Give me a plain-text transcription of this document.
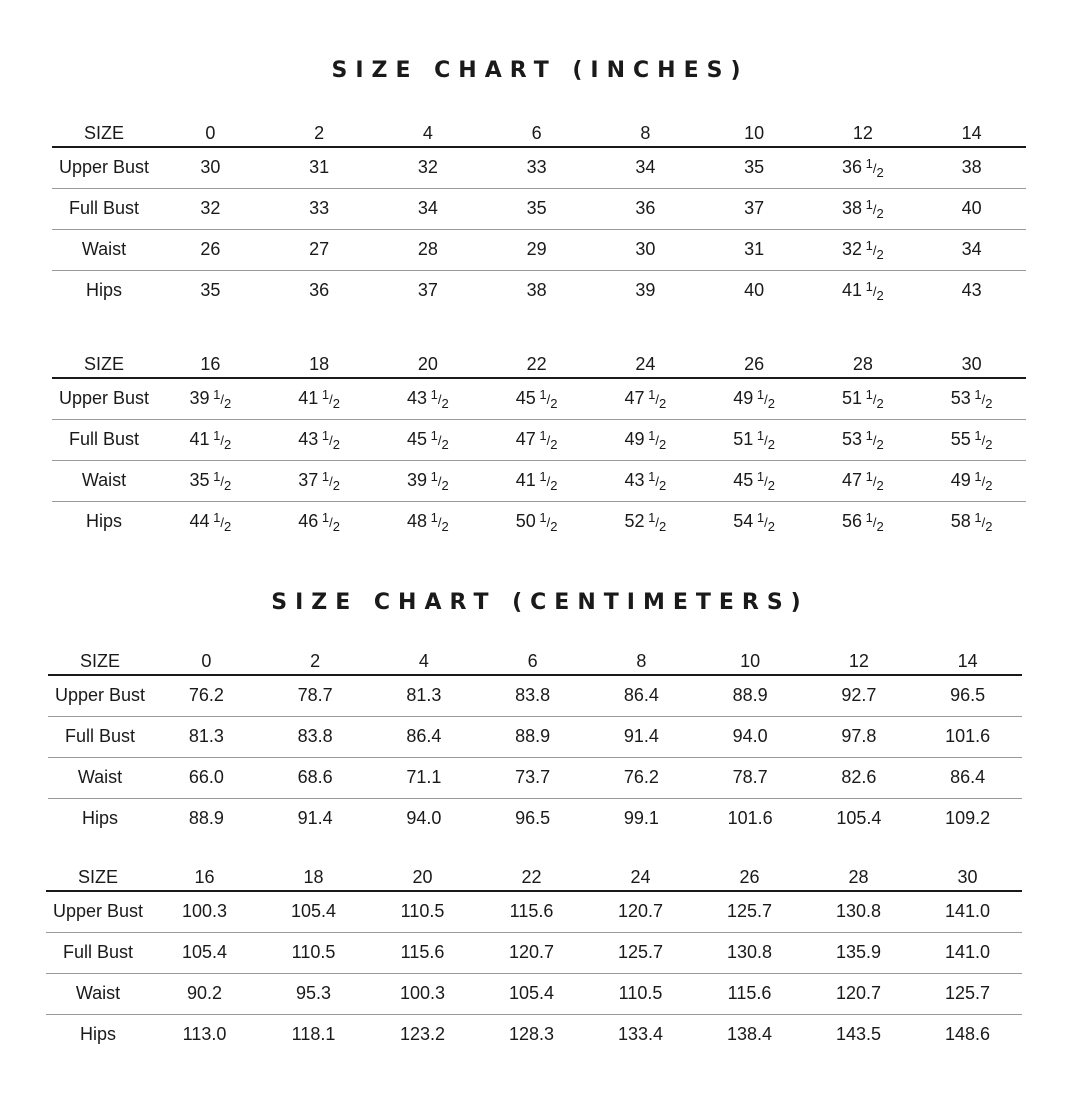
SIZE CHART (INCHES)
SIZE	0	2	4	6	8	10	12	14
Upper Bust	30	31	32	33	34	35	36 $^1/_2$	38
Full Bust	32	33	34	35	36	37	38 $^1/_2$	40
Waist	26	27	28	29	30	31	32 $^1/_2$	34
Hips	35	36	37	38	39	40	41 $^1/_2$	43
SIZE	16	18	20	22	24	26	28	30
Upper Bust	39 $^1/_2$	41 $^1/_2$	43 $^1/_2$	45 $^1/_2$	47 $^1/_2$	49 $^1/_2$	51 $^1/_2$	53 $^1/_2$
Full Bust	41 $^1/_2$	43 $^1/_2$	45 $^1/_2$	47 $^1/_2$	49 $^1/_2$	51 $^1/_2$	53 $^1/_2$	55 $^1/_2$
Waist	35 $^1/_2$	37 $^1/_2$	39 $^1/_2$	41 $^1/_2$	43 $^1/_2$	45 $^1/_2$	47 $^1/_2$	49 $^1/_2$
Hips	44 $^1/_2$	46 $^1/_2$	48 $^1/_2$	50 $^1/_2$	52 $^1/_2$	54 $^1/_2$	56 $^1/_2$	58 $^1/_2$
SIZE CHART (CENTIMETERS)
SIZE	0	2	4	6	8	10	12	14
Upper Bust	76.2	78.7	81.3	83.8	86.4	88.9	92.7	96.5
Full Bust	81.3	83.8	86.4	88.9	91.4	94.0	97.8	101.6
Waist	66.0	68.6	71.1	73.7	76.2	78.7	82.6	86.4
Hips	88.9	91.4	94.0	96.5	99.1	101.6	105.4	109.2
SIZE	16	18	20	22	24	26	28	30
Upper Bust	100.3	105.4	110.5	115.6	120.7	125.7	130.8	141.0
Full Bust	105.4	110.5	115.6	120.7	125.7	130.8	135.9	141.0
Waist	90.2	95.3	100.3	105.4	110.5	115.6	120.7	125.7
Hips	113.0	118.1	123.2	128.3	133.4	138.4	143.5	148.6
